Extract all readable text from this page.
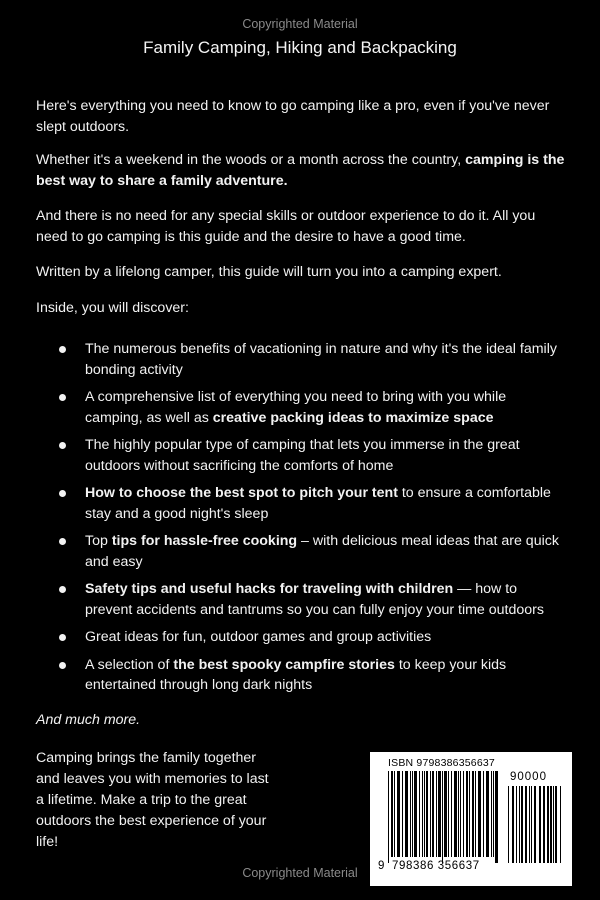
Copyrighted Material
Family Camping, Hiking and Backpacking

Here's everything you need to know to go camping like a pro, even if you've never slept outdoors.

Whether it's a weekend in the woods or a month across the country, camping is the best way to share a family adventure.

And there is no need for any special skills or outdoor experience to do it. All you need to go camping is this guide and the desire to have a good time.

Written by a lifelong camper, this guide will turn you into a camping expert.

Inside, you will discover:

The numerous benefits of vacationing in nature and why it's the ideal family bonding activity
A comprehensive list of everything you need to bring with you while camping, as well as creative packing ideas to maximize space
The highly popular type of camping that lets you immerse in the great outdoors without sacrificing the comforts of home
How to choose the best spot to pitch your tent to ensure a comfortable stay and a good night's sleep
Top tips for hassle-free cooking – with delicious meal ideas that are quick and easy
Safety tips and useful hacks for traveling with children — how to prevent accidents and tantrums so you can fully enjoy your time outdoors
Great ideas for fun, outdoor games and group activities
A selection of the best spooky campfire stories to keep your kids entertained through long dark nights

And much more.

Camping brings the family together and leaves you with memories to last a lifetime. Make a trip to the great outdoors the best experience of your life!

ISBN 9798386356637
90000
9 798386 356637
Copyrighted Material
